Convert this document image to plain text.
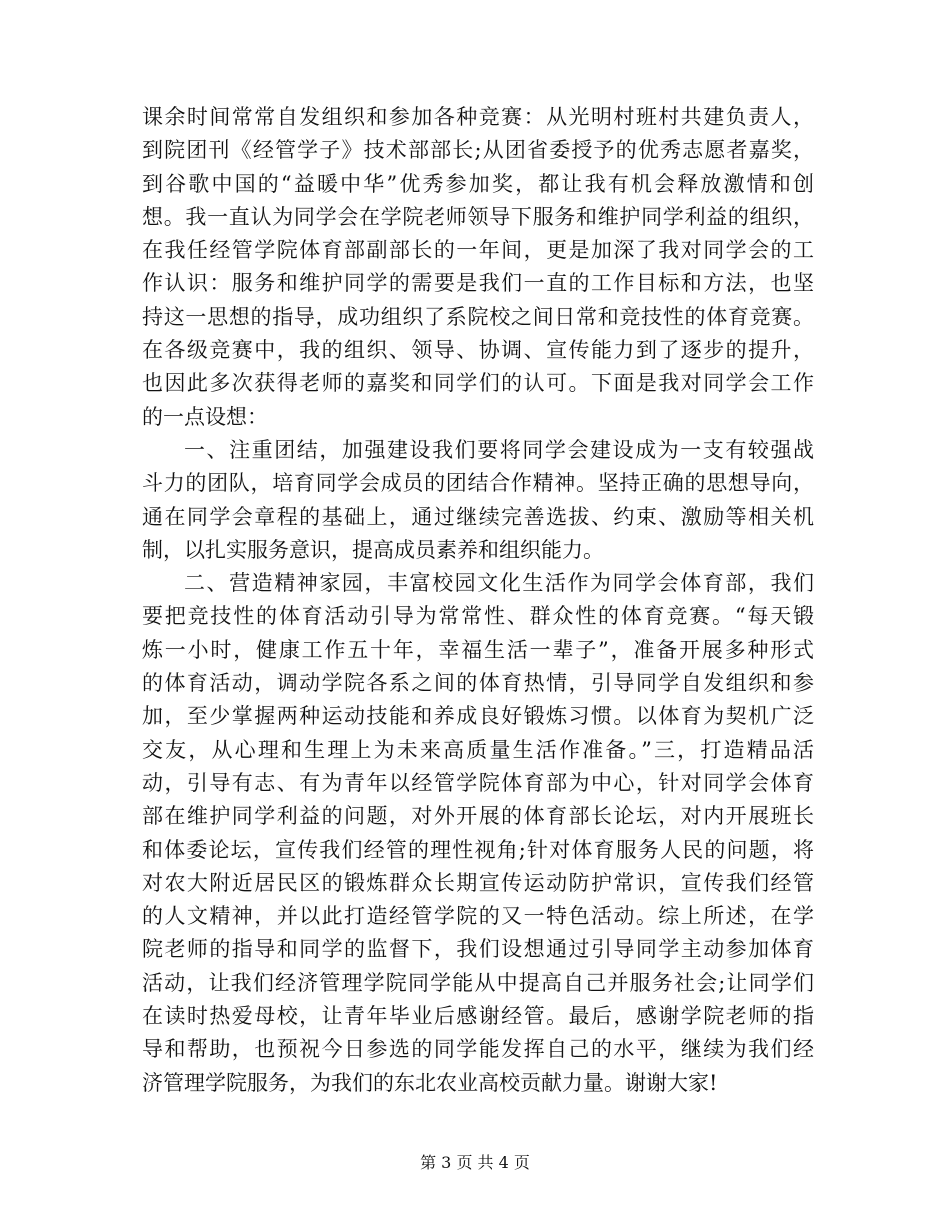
课余时间常常自发组织和参加各种竞赛：从光明村班村共建负责人，
到院团刊《经管学子》技术部部长;从团省委授予的优秀志愿者嘉奖，
到谷歌中国的“益暖中华”优秀参加奖，都让我有机会释放激情和创
想。我一直认为同学会在学院老师领导下服务和维护同学利益的组织，
在我任经管学院体育部副部长的一年间，更是加深了我对同学会的工
作认识：服务和维护同学的需要是我们一直的工作目标和方法，也坚
持这一思想的指导，成功组织了系院校之间日常和竞技性的体育竞赛。
在各级竞赛中，我的组织、领导、协调、宣传能力到了逐步的提升，
也因此多次获得老师的嘉奖和同学们的认可。下面是我对同学会工作
的一点设想：
一、注重团结，加强建设我们要将同学会建设成为一支有较强战
斗力的团队，培育同学会成员的团结合作精神。坚持正确的思想导向，
通在同学会章程的基础上，通过继续完善选拔、约束、激励等相关机
制，以扎实服务意识，提高成员素养和组织能力。
二、营造精神家园，丰富校园文化生活作为同学会体育部，我们
要把竞技性的体育活动引导为常常性、群众性的体育竞赛。“每天锻
炼一小时，健康工作五十年，幸福生活一辈子”，准备开展多种形式
的体育活动，调动学院各系之间的体育热情，引导同学自发组织和参
加，至少掌握两种运动技能和养成良好锻炼习惯。以体育为契机广泛
交友，从心理和生理上为未来高质量生活作准备。”三，打造精品活
动，引导有志、有为青年以经管学院体育部为中心，针对同学会体育
部在维护同学利益的问题，对外开展的体育部长论坛，对内开展班长
和体委论坛，宣传我们经管的理性视角;针对体育服务人民的问题，将
对农大附近居民区的锻炼群众长期宣传运动防护常识，宣传我们经管
的人文精神，并以此打造经管学院的又一特色活动。综上所述，在学
院老师的指导和同学的监督下，我们设想通过引导同学主动参加体育
活动，让我们经济管理学院同学能从中提高自己并服务社会;让同学们
在读时热爱母校，让青年毕业后感谢经管。最后，感谢学院老师的指
导和帮助，也预祝今日参选的同学能发挥自己的水平，继续为我们经
济管理学院服务，为我们的东北农业高校贡献力量。谢谢大家!
第 3 页 共 4 页
